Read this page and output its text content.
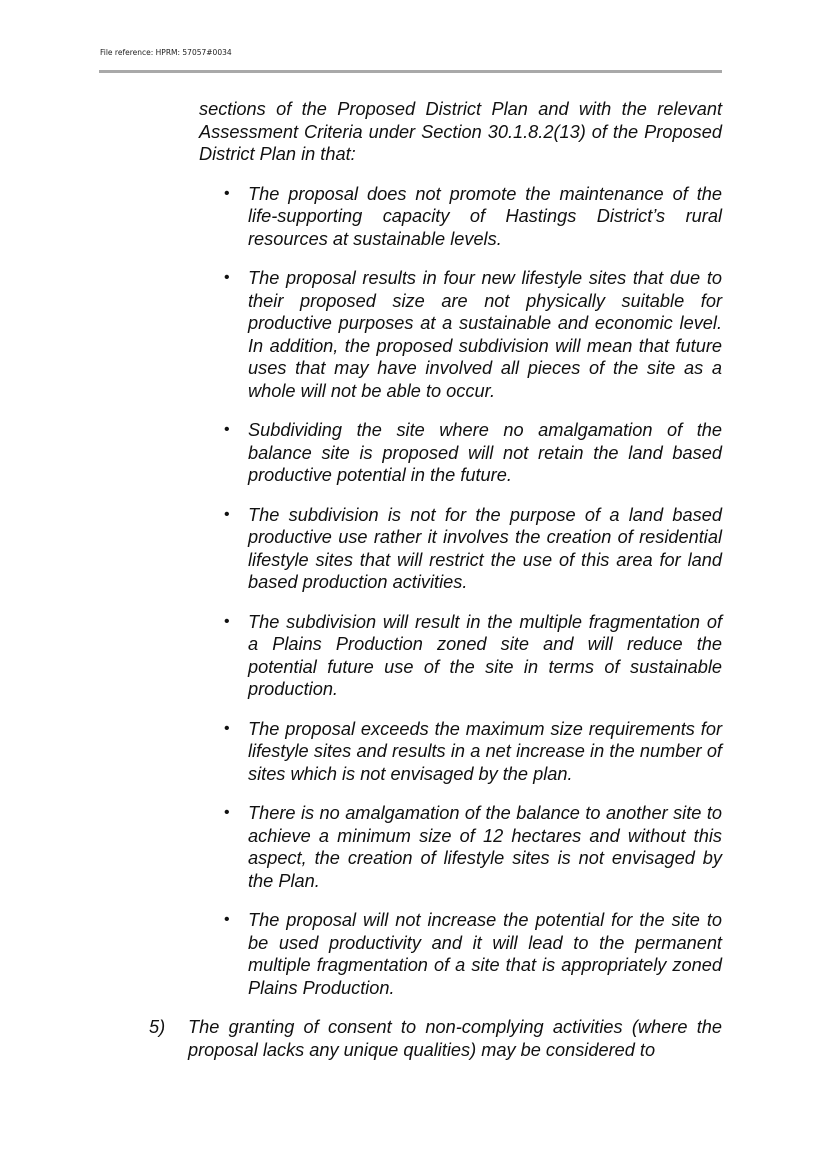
File reference: HPRM: 57057#0034

sections of the Proposed District Plan and with the relevant Assessment Criteria under Section 30.1.8.2(13) of the Proposed District Plan in that:

• The proposal does not promote the maintenance of the life-supporting capacity of Hastings District’s rural resources at sustainable levels.
• The proposal results in four new lifestyle sites that due to their proposed size are not physically suitable for productive purposes at a sustainable and economic level. In addition, the proposed subdivision will mean that future uses that may have involved all pieces of the site as a whole will not be able to occur.
• Subdividing the site where no amalgamation of the balance site is proposed will not retain the land based productive potential in the future.
• The subdivision is not for the purpose of a land based productive use rather it involves the creation of residential lifestyle sites that will restrict the use of this area for land based production activities.
• The subdivision will result in the multiple fragmentation of a Plains Production zoned site and will reduce the potential future use of the site in terms of sustainable production.
• The proposal exceeds the maximum size requirements for lifestyle sites and results in a net increase in the number of sites which is not envisaged by the plan.
• There is no amalgamation of the balance to another site to achieve a minimum size of 12 hectares and without this aspect, the creation of lifestyle sites is not envisaged by the Plan.
• The proposal will not increase the potential for the site to be used productivity and it will lead to the permanent multiple fragmentation of a site that is appropriately zoned Plains Production.

5) The granting of consent to non-complying activities (where the proposal lacks any unique qualities) may be considered to
